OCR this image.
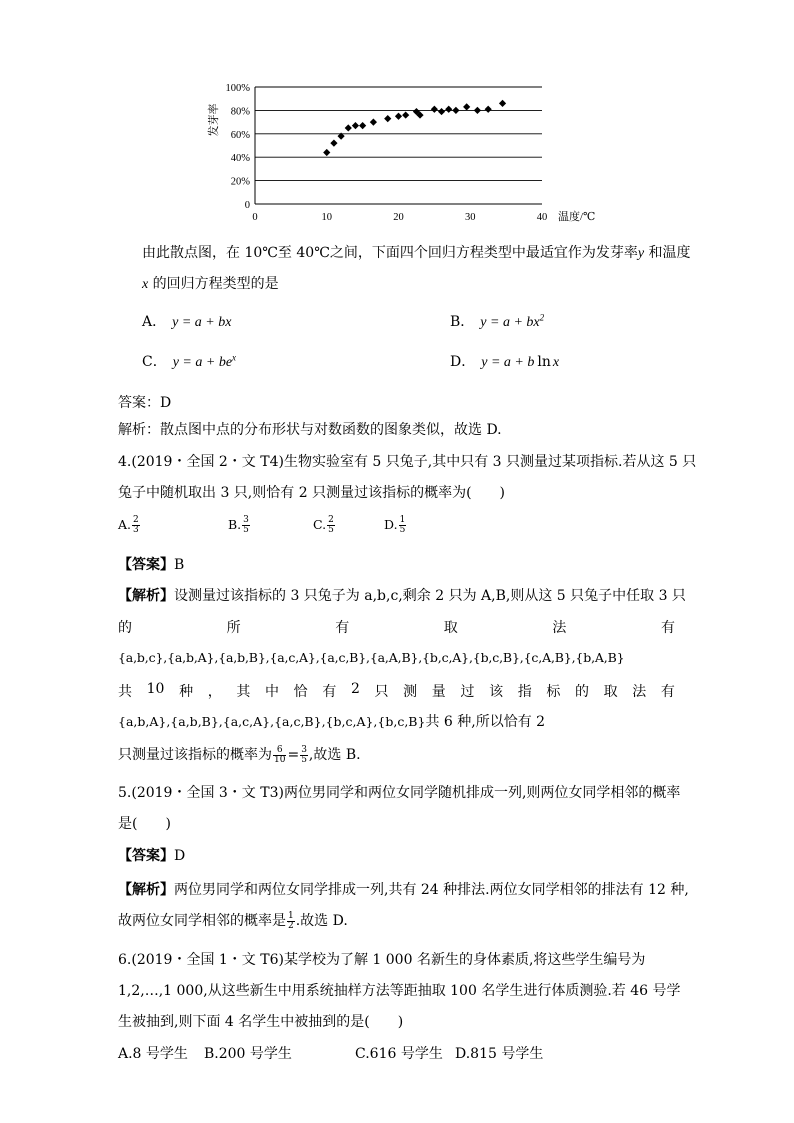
0
20%
40%
60%
80%
100%
0	10	20	30	40
发芽率
温度/℃
由此散点图，在 10℃至 40℃之间，下面四个回归方程类型中最适宜作为发芽率y 和温度
x 的回归方程类型的是
A． y = a + bx	B． $y = a + bx^2$
C． $y = a + be^x$	D． y = a + b ln x
答案：D
解析：散点图中点的分布形状与对数函数的图象类似，故选 D.
4.(2019・全国 2・文 T4)生物实验室有 5 只兔子,其中只有 3 只测量过某项指标.若从这 5 只
兔子中随机取出 3 只,则恰有 2 只测量过该指标的概率为(　　)
A. $\frac{2}{3}$	B. $\frac{3}{5}$	C. $\frac{2}{5}$	D. $\frac{1}{5}$
【答案】B
【解析】设测量过该指标的 3 只兔子为 a,b,c,剩余 2 只为 A,B,则从这 5 只兔子中任取 3 只
的	所	有	取	法	有
{a,b,c},{a,b,A},{a,b,B},{a,c,A},{a,c,B},{a,A,B},{b,c,A},{b,c,B},{c,A,B},{b,A,B}
共 10 种 ， 其 中 恰 有 2 只 测 量 过 该 指 标 的 取 法 有
{a,b,A},{a,b,B},{a,c,A},{a,c,B},{b,c,A},{b,c,B}共 6 种,所以恰有 2
只测量过该指标的概率为 $\frac{6}{10} = \frac{3}{5}$ ,故选 B.
5.(2019・全国 3・文 T3)两位男同学和两位女同学随机排成一列,则两位女同学相邻的概率
是(　　)
【答案】D
【解析】两位男同学和两位女同学排成一列,共有 24 种排法.两位女同学相邻的排法有 12 种,
故两位女同学相邻的概率是 $\frac{1}{2}$ .故选 D.
6.(2019・全国 1・文 T6)某学校为了解 1 000 名新生的身体素质,将这些学生编号为
1,2,…,1 000,从这些新生中用系统抽样方法等距抽取 100 名学生进行体质测验.若 46 号学
生被抽到,则下面 4 名学生中被抽到的是(　　)
A.8 号学生 B.200 号学生	C.616 号学生 D.815 号学生
